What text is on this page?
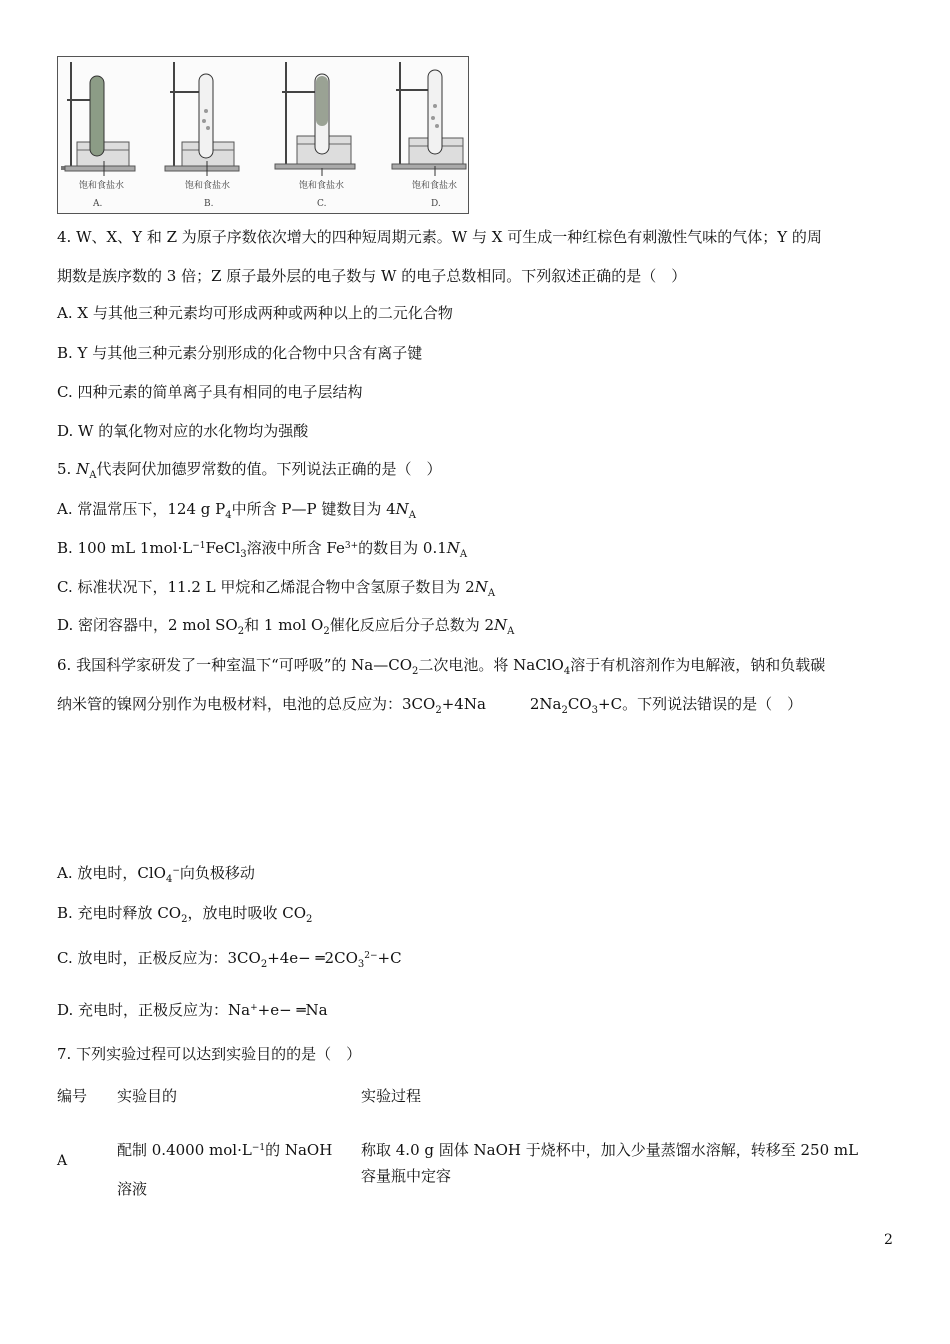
饱和食盐水
A.
饱和食盐水
B.
饱和食盐水
C.
饱和食盐水
D.
4. W、X、Y 和 Z 为原子序数依次增大的四种短周期元素。W 与 X 可生成一种红棕色有刺激性气味的气体；Y 的周
期数是族序数的 3 倍；Z 原子最外层的电子数与 W 的电子总数相同。下列叙述正确的是（　）
A. X 与其他三种元素均可形成两种或两种以上的二元化合物
B. Y 与其他三种元素分别形成的化合物中只含有离子键
C. 四种元素的简单离子具有相同的电子层结构
D. W 的氧化物对应的水化物均为强酸
5. $N_A$代表阿伏加德罗常数的值。下列说法正确的是（　）
A. 常温常压下，124 g $P_4$中所含 P—P 键数目为 $4N_A$
B. 100 mL $1mol\cdot L^{-1}FeCl_3$溶液中所含 $Fe^{3+}$的数目为 $0.1N_A$
C. 标准状况下，11.2 L 甲烷和乙烯混合物中含氢原子数目为 $2N_A$
D. 密闭容器中，2 mol $SO_2$和 1 mol $O_2$催化反应后分子总数为 $2N_A$
6. 我国科学家研发了一种室温下“可呼吸”的 $Na—CO_2$二次电池。将 NaClO$_4$溶于有机溶剂作为电解液，钠和负载碳
纳米管的镍网分别作为电极材料，电池的总反应为：$3CO_2+4Na$	$2Na_2CO_3+C$。下列说法错误的是（　）
A. 放电时，ClO$_4$−向负极移动
B. 充电时释放 $CO_2$，放电时吸收 $CO_2$
C. 放电时，正极反应为：$3CO_2+4e-$ $═2CO_3^{2-}+C$
D. 充电时，正极反应为：Na++e− ═Na
7. 下列实验过程可以达到实验目的的是（　）
编号 实验目的	实验过程
A
配制 0.4000 $mol\cdot L^{-1}$的 NaOH
溶液
称取 4.0 g 固体 NaOH 于烧杯中，加入少量蒸馏水溶解，转移至 250 mL
容量瓶中定容
2
